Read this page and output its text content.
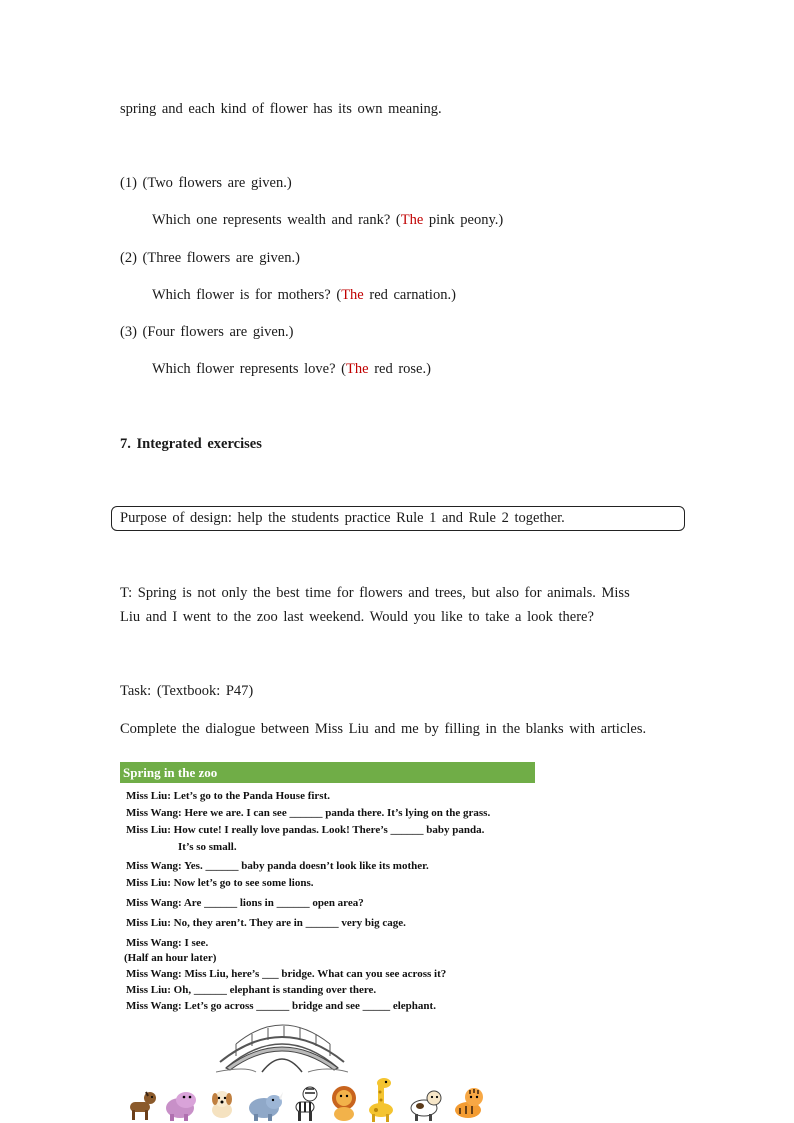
spring and each kind of flower has its own meaning.
(1) (Two flowers are given.)
Which one represents wealth and rank? (The pink peony.)
(2) (Three flowers are given.)
Which flower is for mothers? (The red carnation.)
(3) (Four flowers are given.)
Which flower represents love? (The red rose.)
7. Integrated exercises
Purpose of design: help the students practice Rule 1 and Rule 2 together.
T: Spring is not only the best time for flowers and trees, but also for animals. Miss
Liu and I went to the zoo last weekend. Would you like to take a look there?
Task: (Textbook: P47)
Complete the dialogue between Miss Liu and me by filling in the blanks with articles.
Spring in the zoo
Miss Liu: Let’s go to the Panda House first.
Miss Wang: Here we are. I can see ______ panda there. It’s lying on the grass.
Miss Liu: How cute! I really love pandas. Look! There’s ______ baby panda.
It’s so small.
Miss Wang: Yes. ______ baby panda doesn’t look like its mother.
Miss Liu: Now let’s go to see some lions.
Miss Wang: Are ______ lions in ______ open area?
Miss Liu: No, they aren’t. They are in ______ very big cage.
Miss Wang: I see.
(Half an hour later)
Miss Wang: Miss Liu, here’s ___ bridge. What can you see across it?
Miss Liu: Oh, ______ elephant is standing over there.
Miss Wang: Let’s go across ______ bridge and see _____ elephant.
